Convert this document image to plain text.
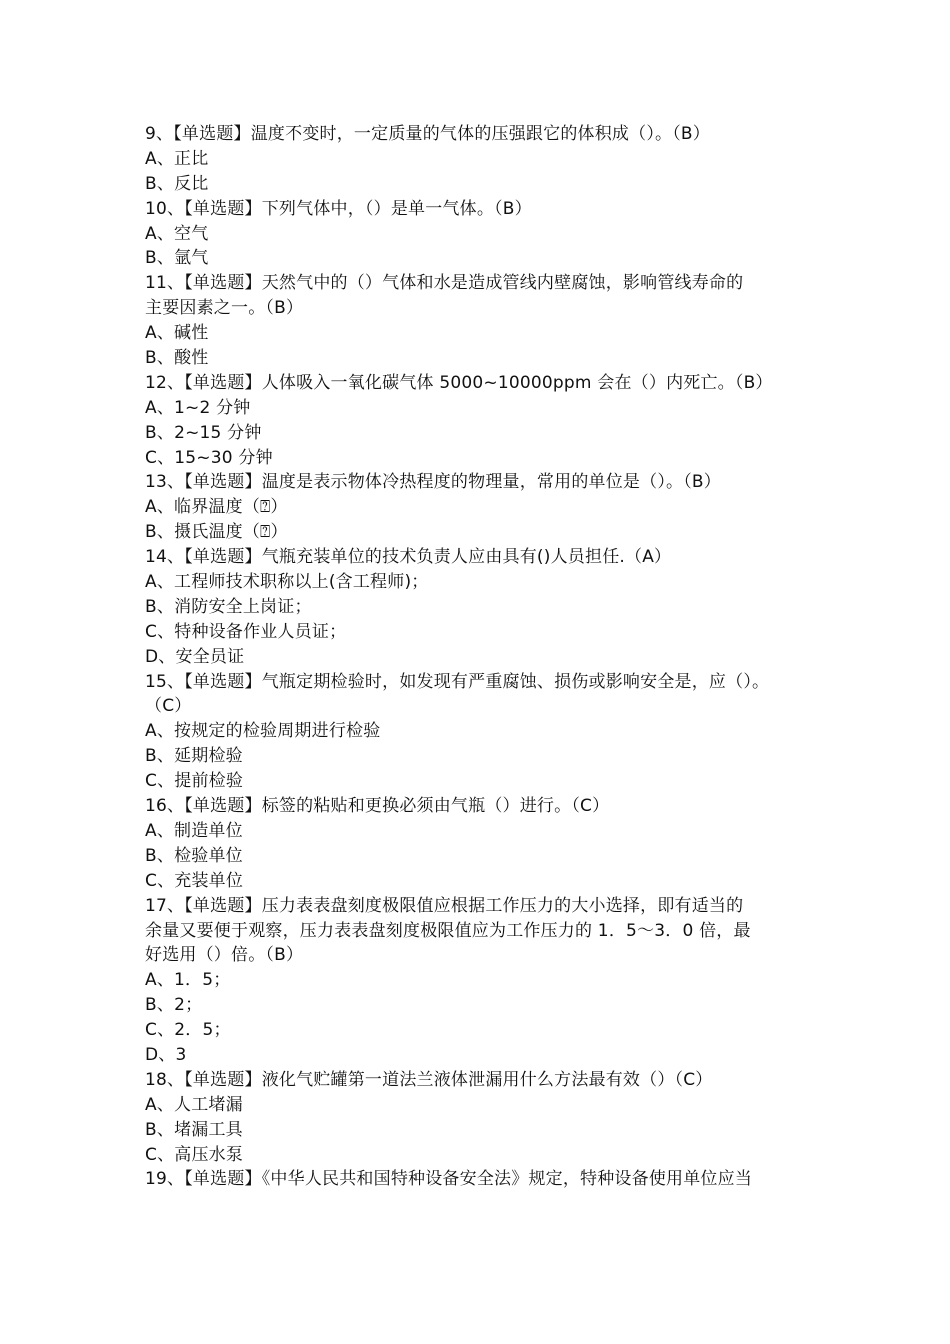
9、【单选题】温度不变时，一定质量的气体的压强跟它的体积成（）。（B）
A、正比
B、反比
10、【单选题】下列气体中，（）是单一气体。（B）
A、空气
B、氩气
11、【单选题】天然气中的（）气体和水是造成管线内壁腐蚀，影响管线寿命的
主要因素之一。（B）
A、碱性
B、酸性
12、【单选题】人体吸入一氧化碳气体 5000~10000ppm 会在（）内死亡。（B）
A、1~2 分钟
B、2~15 分钟
C、15~30 分钟
13、【单选题】温度是表示物体冷热程度的物理量，常用的单位是（）。（B）
A、临界温度（⍰）
B、摄氏温度（⍰）
14、【单选题】气瓶充装单位的技术负责人应由具有()人员担任.（A）
A、工程师技术职称以上(含工程师)；
B、消防安全上岗证；
C、特种设备作业人员证；
D、安全员证
15、【单选题】气瓶定期检验时，如发现有严重腐蚀、损伤或影响安全是，应（）。
（C）
A、按规定的检验周期进行检验
B、延期检验
C、提前检验
16、【单选题】标签的粘贴和更换必须由气瓶（）进行。（C）
A、制造单位
B、检验单位
C、充装单位
17、【单选题】压力表表盘刻度极限值应根据工作压力的大小选择，即有适当的
余量又要便于观察，压力表表盘刻度极限值应为工作压力的 1．5～3．0 倍，最
好选用（）倍。（B）
A、1．5；
B、2；
C、2．5；
D、3
18、【单选题】液化气贮罐第一道法兰液体泄漏用什么方法最有效（）（C）
A、人工堵漏
B、堵漏工具
C、高压水泵
19、【单选题】《中华人民共和国特种设备安全法》规定，特种设备使用单位应当
